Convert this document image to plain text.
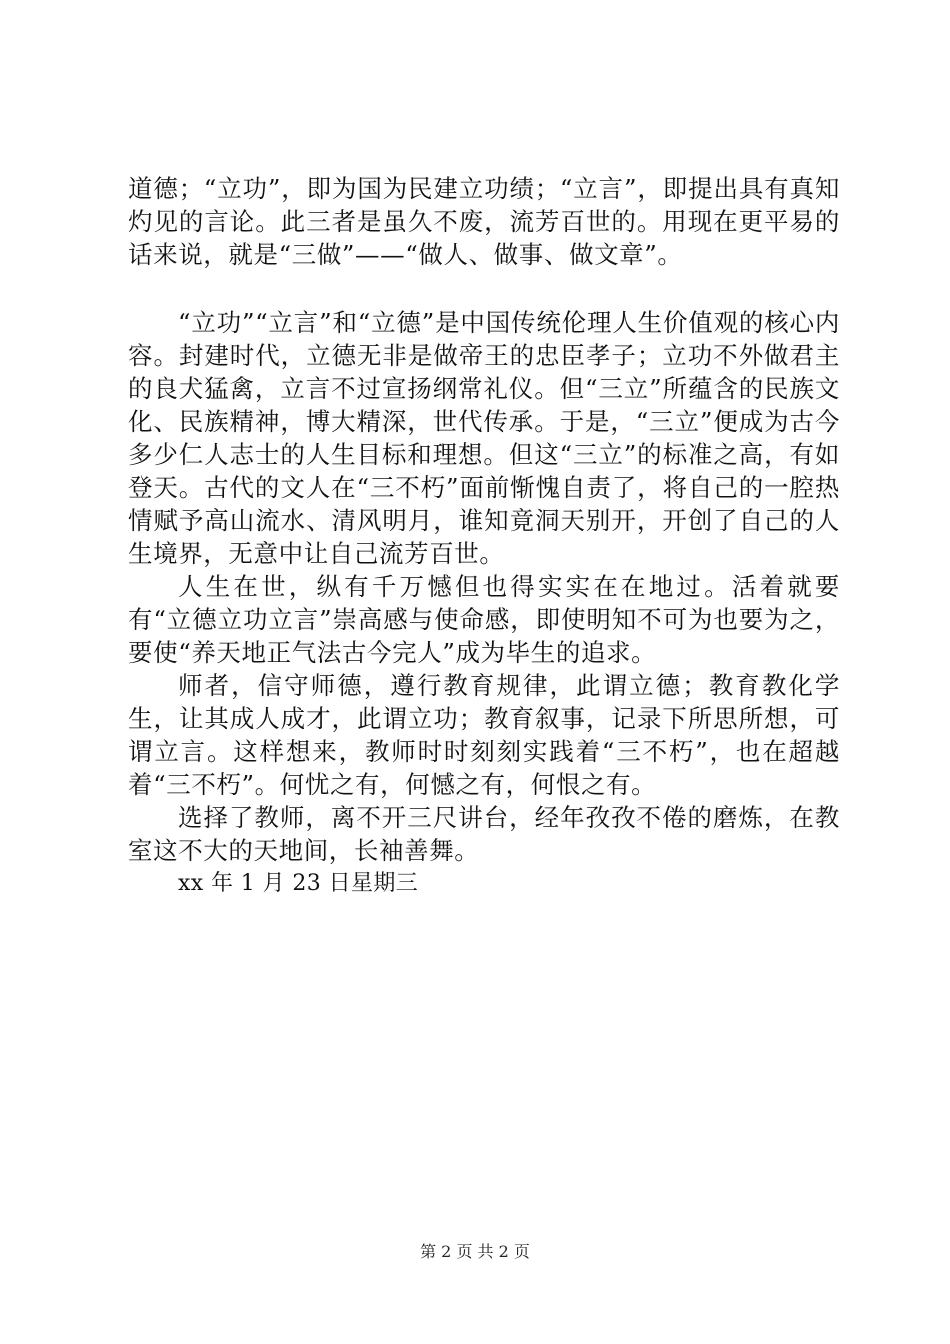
道德；“立功”，即为国为民建立功绩；“立言”，即提出具有真知灼见的言论。此三者是虽久不废，流芳百世的。用现在更平易的话来说，就是“三做”——“做人、做事、做文章”。

“立功”“立言”和“立德”是中国传统伦理人生价值观的核心内容。封建时代，立德无非是做帝王的忠臣孝子；立功不外做君主的良犬猛禽，立言不过宣扬纲常礼仪。但“三立”所蕴含的民族文化、民族精神，博大精深，世代传承。于是，“三立”便成为古今多少仁人志士的人生目标和理想。但这“三立”的标准之高，有如登天。古代的文人在“三不朽”面前惭愧自责了，将自己的一腔热情赋予高山流水、清风明月，谁知竟洞天别开，开创了自己的人生境界，无意中让自己流芳百世。

人生在世，纵有千万憾但也得实实在在地过。活着就要有“立德立功立言”崇高感与使命感，即使明知不可为也要为之，要使“养天地正气法古今完人”成为毕生的追求。

师者，信守师德，遵行教育规律，此谓立德；教育教化学生，让其成人成才，此谓立功；教育叙事，记录下所思所想，可谓立言。这样想来，教师时时刻刻实践着“三不朽”，也在超越着“三不朽”。何忧之有，何憾之有，何恨之有。

选择了教师，离不开三尺讲台，经年孜孜不倦的磨炼，在教室这不大的天地间，长袖善舞。

xx 年 1 月 23 日星期三

第 2 页 共 2 页
